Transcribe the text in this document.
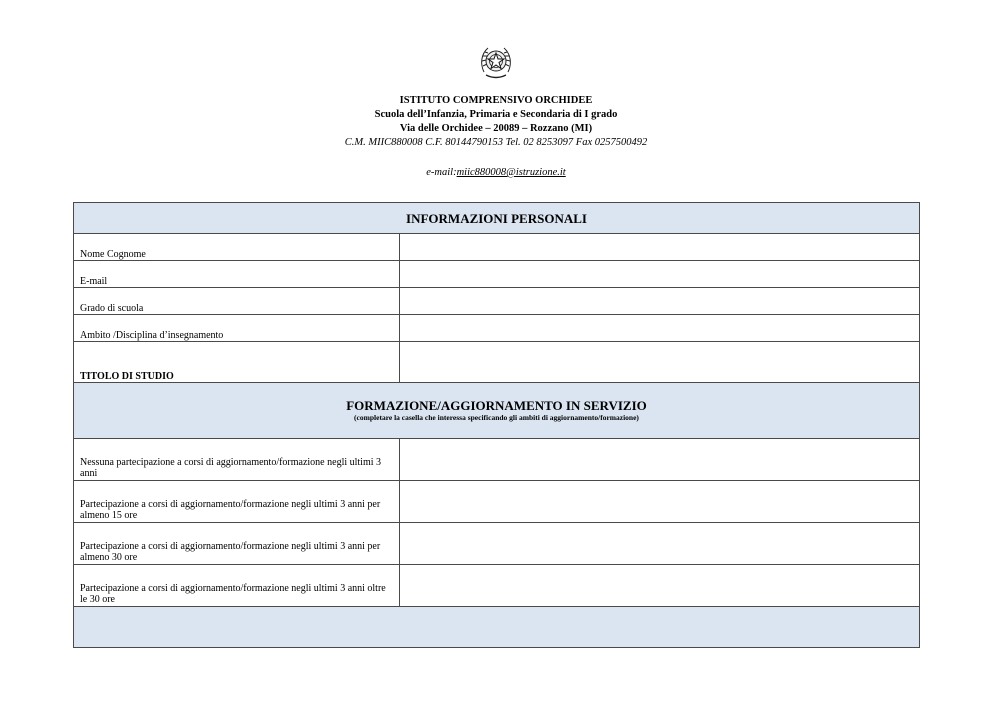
ISTITUTO COMPRENSIVO ORCHIDEE
Scuola dell’Infanzia, Primaria e Secondaria di I grado
Via delle Orchidee – 20089 – Rozzano (MI)
C.M. MIIC880008 C.F. 80144790153 Tel. 02 8253097 Fax 0257500492
e-mail:miic880008@istruzione.it
INFORMAZIONI PERSONALI	

Nome Cognome	
E-mail	
Grado di scuola	
Ambito /Disciplina d’insegnamento	
TITOLO DI STUDIO	

FORMAZIONE/AGGIORNAMENTO IN SERVIZIO
(completare la casella che interessa specificando gli ambiti di aggiornamento/formazione)	

Nessuna partecipazione a corsi di aggiornamento/formazione negli ultimi 3 anni	
Partecipazione a corsi di aggiornamento/formazione negli ultimi 3 anni per almeno 15 ore	
Partecipazione a corsi di aggiornamento/formazione negli ultimi 3 anni per almeno 30 ore	
Partecipazione a corsi di aggiornamento/formazione negli ultimi 3 anni oltre le 30 ore	
